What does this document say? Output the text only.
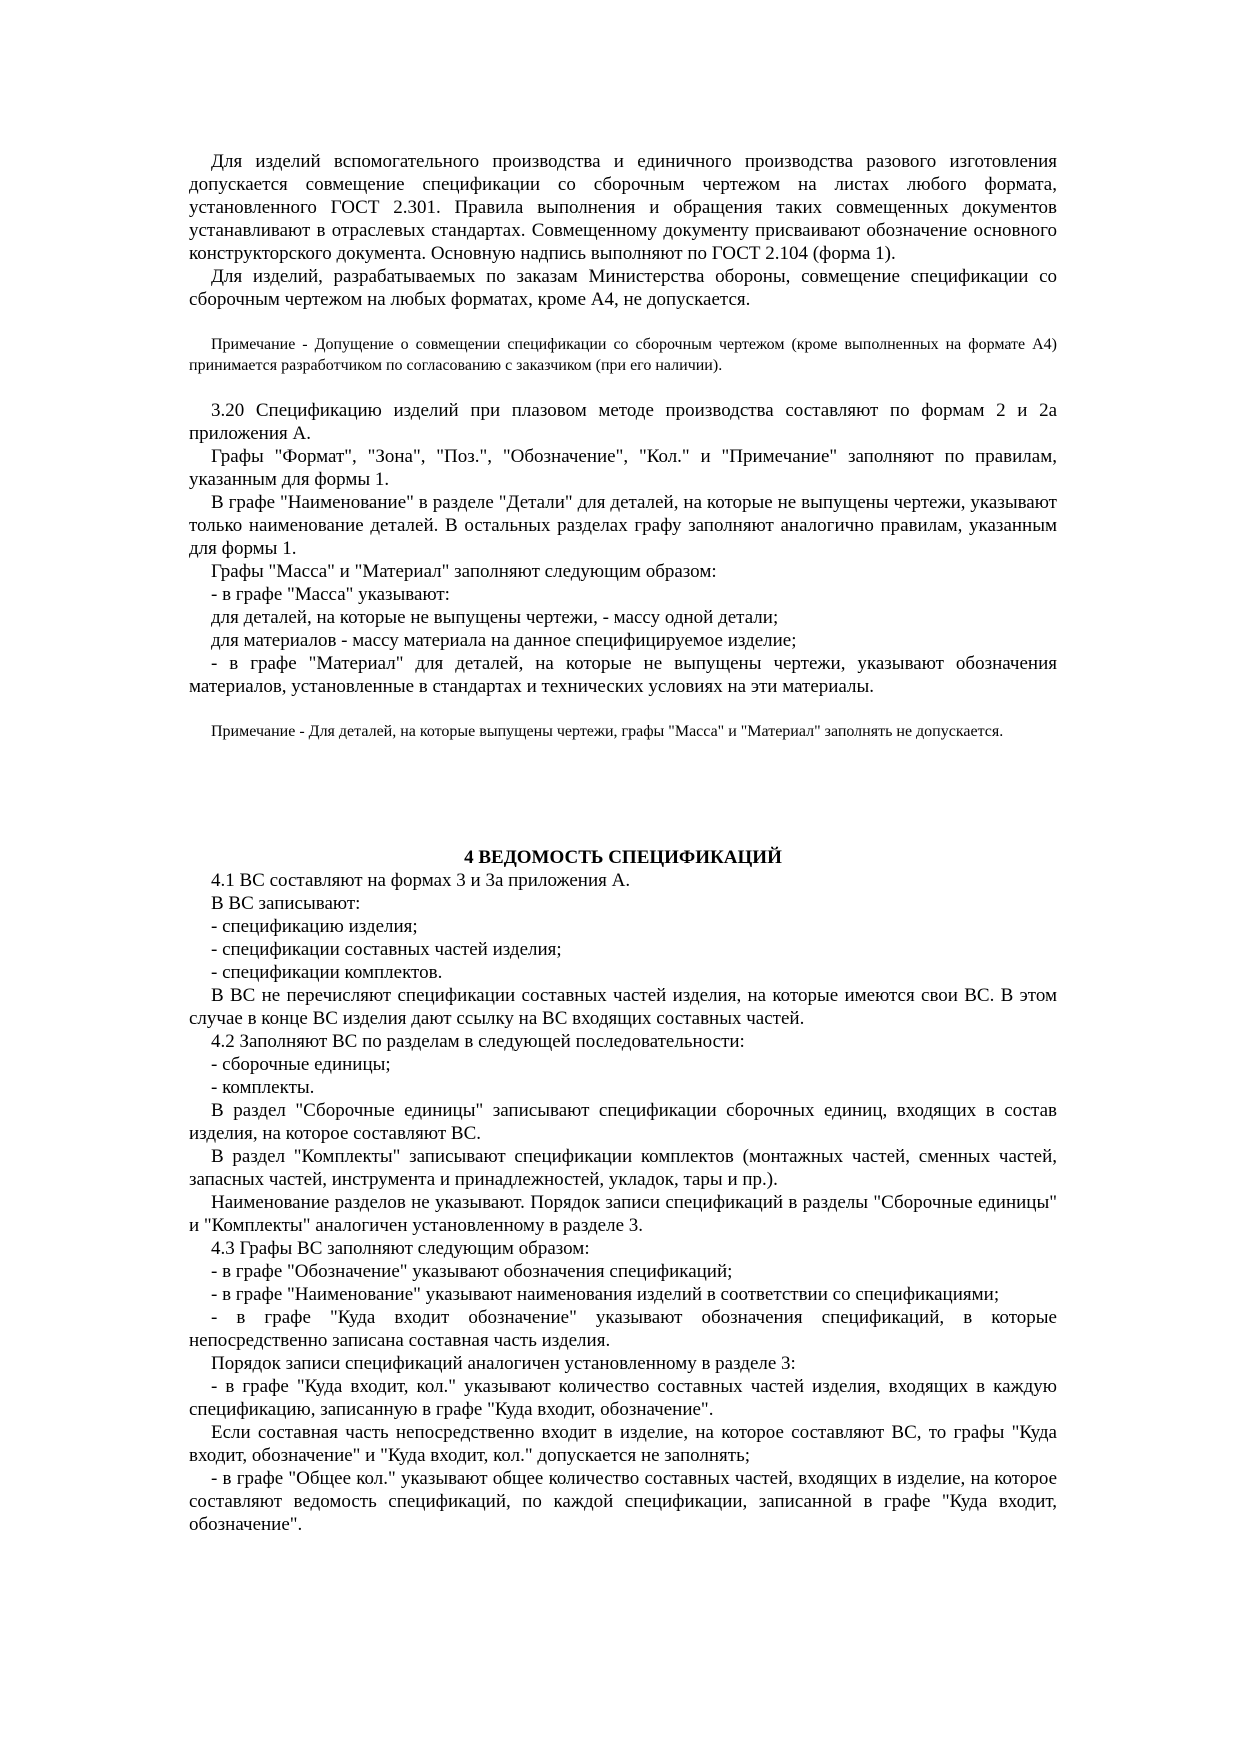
Для изделий вспомогательного производства и единичного производства разового изготовления допускается совмещение спецификации со сборочным чертежом на листах любого формата, установленного ГОСТ 2.301. Правила выполнения и обращения таких совмещенных документов устанавливают в отраслевых стандартах. Совмещенному документу присваивают обозначение основного конструкторского документа. Основную надпись выполняют по ГОСТ 2.104 (форма 1).

Для изделий, разрабатываемых по заказам Министерства обороны, совмещение спецификации со сборочным чертежом на любых форматах, кроме А4, не допускается.

Примечание - Допущение о совмещении спецификации со сборочным чертежом (кроме выполненных на формате А4) принимается разработчиком по согласованию с заказчиком (при его наличии).

3.20 Спецификацию изделий при плазовом методе производства составляют по формам 2 и 2а приложения А.

Графы "Формат", "Зона", "Поз.", "Обозначение", "Кол." и "Примечание" заполняют по правилам, указанным для формы 1.

В графе "Наименование" в разделе "Детали" для деталей, на которые не выпущены чертежи, указывают только наименование деталей. В остальных разделах графу заполняют аналогично правилам, указанным для формы 1.

Графы "Масса" и "Материал" заполняют следующим образом:

- в графе "Масса" указывают:

для деталей, на которые не выпущены чертежи, - массу одной детали;

для материалов - массу материала на данное специфицируемое изделие;

- в графе "Материал" для деталей, на которые не выпущены чертежи, указывают обозначения материалов, установленные в стандартах и технических условиях на эти материалы.

Примечание - Для деталей, на которые выпущены чертежи, графы "Масса" и "Материал" заполнять не допускается.

4 ВЕДОМОСТЬ СПЕЦИФИКАЦИЙ

4.1 ВС составляют на формах 3 и 3а приложения А.

В ВС записывают:

- спецификацию изделия;

- спецификации составных частей изделия;

- спецификации комплектов.

В ВС не перечисляют спецификации составных частей изделия, на которые имеются свои ВС. В этом случае в конце ВС изделия дают ссылку на ВС входящих составных частей.

4.2 Заполняют ВС по разделам в следующей последовательности:

- сборочные единицы;

- комплекты.

В раздел "Сборочные единицы" записывают спецификации сборочных единиц, входящих в состав изделия, на которое составляют ВС.

В раздел "Комплекты" записывают спецификации комплектов (монтажных частей, сменных частей, запасных частей, инструмента и принадлежностей, укладок, тары и пр.).

Наименование разделов не указывают. Порядок записи спецификаций в разделы "Сборочные единицы" и "Комплекты" аналогичен установленному в разделе 3.

4.3 Графы ВС заполняют следующим образом:

- в графе "Обозначение" указывают обозначения спецификаций;

- в графе "Наименование" указывают наименования изделий в соответствии со спецификациями;

- в графе "Куда входит обозначение" указывают обозначения спецификаций, в которые непосредственно записана составная часть изделия.

Порядок записи спецификаций аналогичен установленному в разделе 3:

- в графе "Куда входит, кол." указывают количество составных частей изделия, входящих в каждую спецификацию, записанную в графе "Куда входит, обозначение".

Если составная часть непосредственно входит в изделие, на которое составляют ВС, то графы "Куда входит, обозначение" и "Куда входит, кол." допускается не заполнять;

- в графе "Общее кол." указывают общее количество составных частей, входящих в изделие, на которое составляют ведомость спецификаций, по каждой спецификации, записанной в графе "Куда входит, обозначение".
